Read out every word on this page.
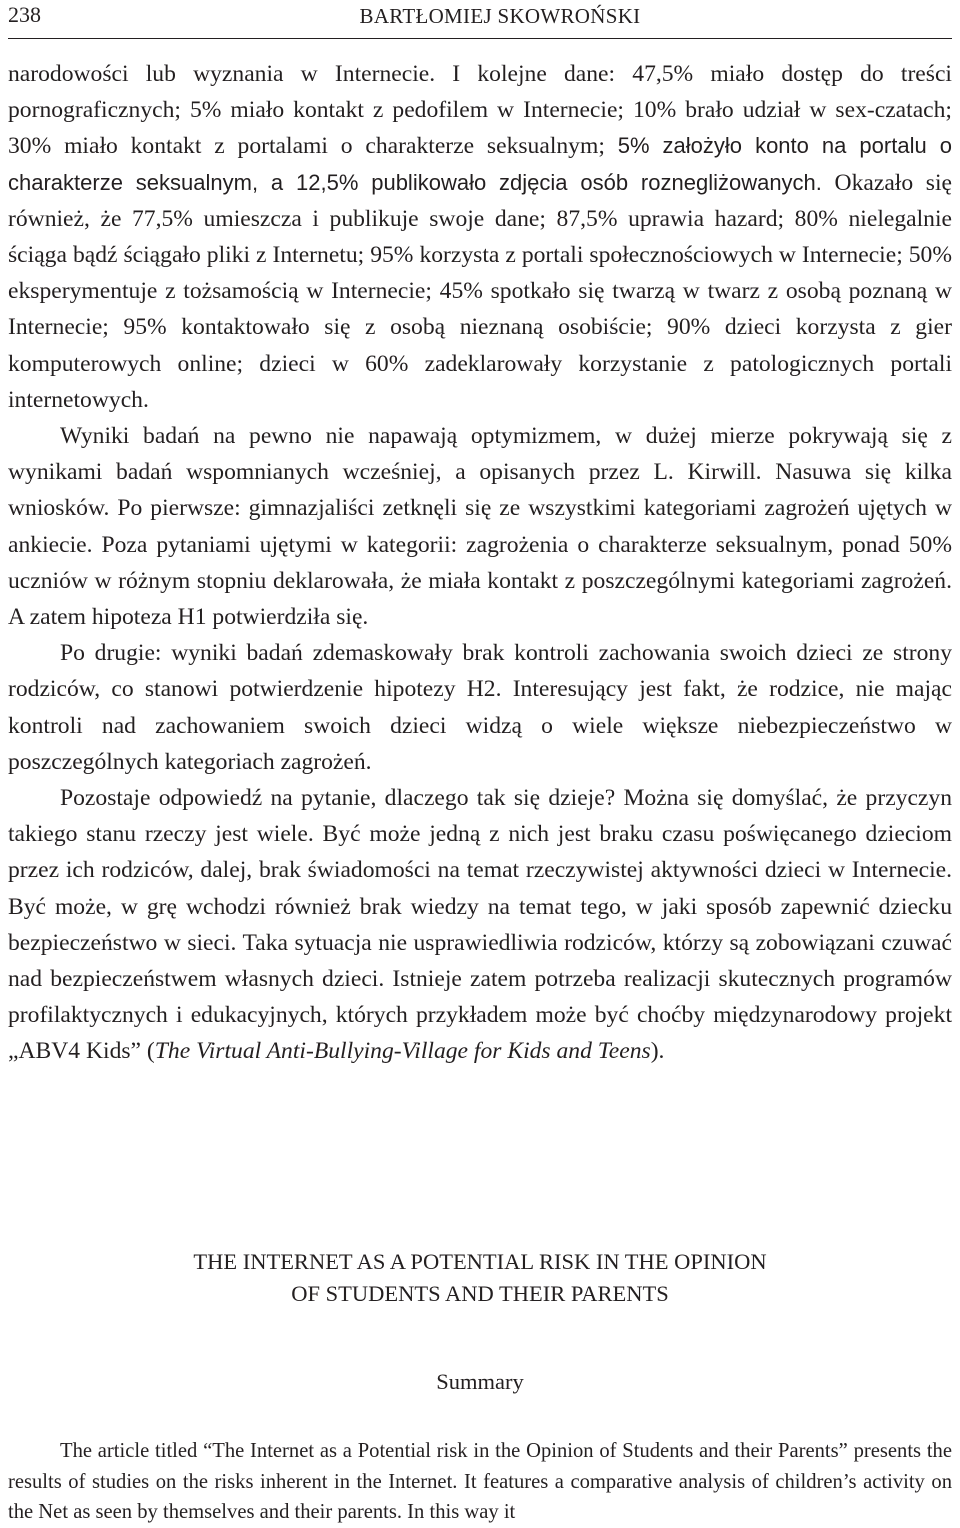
238	BARTŁOMIEJ SKOWROŃSKI

narodowości lub wyznania w Internecie. I kolejne dane: 47,5% miało dostęp do treści pornograficznych; 5% miało kontakt z pedofilem w Internecie; 10% brało udział w sex-czatach; 30% miało kontakt z portalami o charakterze seksualnym; 5% założyło konto na portalu o charakterze seksualnym, a 12,5% publikowało zdjęcia osób roznegliżowanych. Okazało się również, że 77,5% umieszcza i publikuje swoje dane; 87,5% uprawia hazard; 80% nielegalnie ściąga bądź ściągało pliki z Internetu; 95% korzysta z portali społecznościowych w Internecie; 50% eksperymentuje z tożsamością w Internecie; 45% spotkało się twarzą w twarz z osobą poznaną w Internecie; 95% kontaktowało się z osobą nieznaną osobiście; 90% dzieci korzysta z gier komputerowych online; dzieci w 60% zadeklarowały korzystanie z patologicznych portali internetowych.

Wyniki badań na pewno nie napawają optymizmem, w dużej mierze pokrywają się z wynikami badań wspomnianych wcześniej, a opisanych przez L. Kirwill. Nasuwa się kilka wniosków. Po pierwsze: gimnazjaliści zetknęli się ze wszystkimi kategoriami zagrożeń ujętych w ankiecie. Poza pytaniami ujętymi w kategorii: zagrożenia o charakterze seksualnym, ponad 50% uczniów w różnym stopniu deklarowała, że miała kontakt z poszczególnymi kategoriami zagrożeń. A zatem hipoteza H1 potwierdziła się.

Po drugie: wyniki badań zdemaskowały brak kontroli zachowania swoich dzieci ze strony rodziców, co stanowi potwierdzenie hipotezy H2. Interesujący jest fakt, że rodzice, nie mając kontroli nad zachowaniem swoich dzieci widzą o wiele większe niebezpieczeństwo w poszczególnych kategoriach zagrożeń.

Pozostaje odpowiedź na pytanie, dlaczego tak się dzieje? Można się domyślać, że przyczyn takiego stanu rzeczy jest wiele. Być może jedną z nich jest braku czasu poświęcanego dzieciom przez ich rodziców, dalej, brak świadomości na temat rzeczywistej aktywności dzieci w Internecie. Być może, w grę wchodzi również brak wiedzy na temat tego, w jaki sposób zapewnić dziecku bezpieczeństwo w sieci. Taka sytuacja nie usprawiedliwia rodziców, którzy są zobowiązani czuwać nad bezpieczeństwem własnych dzieci. Istnieje zatem potrzeba realizacji skutecznych programów profilaktycznych i edukacyjnych, których przykładem może być choćby międzynarodowy projekt „ABV4 Kids” (The Virtual Anti-Bullying-Village for Kids and Teens).

THE INTERNET AS A POTENTIAL RISK IN THE OPINION

OF STUDENTS AND THEIR PARENTS

Summary

The article titled “The Internet as a Potential risk in the Opinion of Students and their Parents” presents the results of studies on the risks inherent in the Internet. It features a comparative analysis of children’s activity on the Net as seen by themselves and their parents. In this way it
